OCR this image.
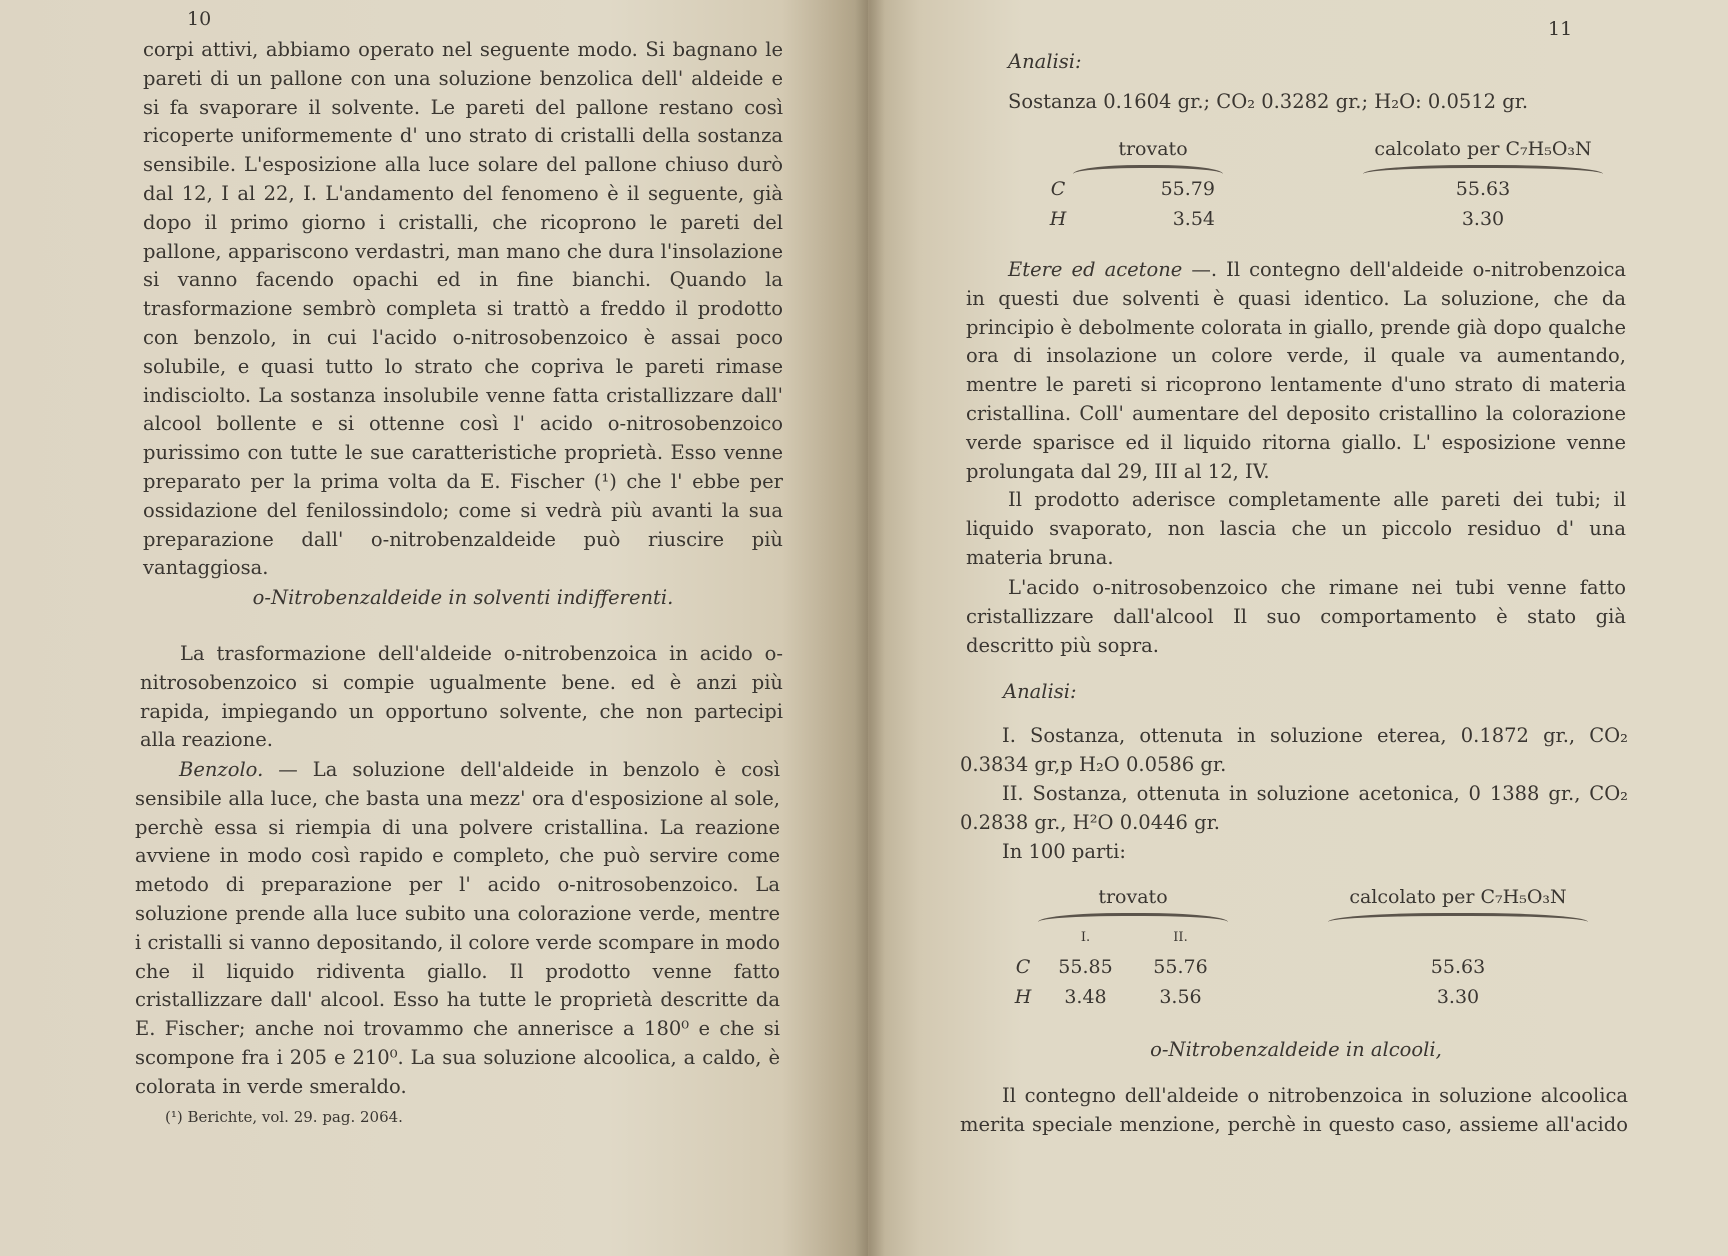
10

corpi attivi, abbiamo operato nel seguente modo. Si bagnano le pareti di un pallone con una soluzione benzolica dell' aldeide e si fa svaporare il solvente. Le pareti del pallone restano così ricoperte uniformemente d' uno strato di cristalli della sostanza sensibile. L'esposizione alla luce solare del pallone chiuso durò dal 12, I al 22, I. L'andamento del fenomeno è il seguente, già dopo il primo giorno i cristalli, che ricoprono le pareti del pallone, appariscono verdastri, man mano che dura l'insolazione si vanno facendo opachi ed in fine bianchi. Quando la trasformazione sembrò completa si trattò a freddo il prodotto con benzolo, in cui l'acido o-nitrosobenzoico è assai poco solubile, e quasi tutto lo strato che copriva le pareti rimase indisciolto. La sostanza insolubile venne fatta cristallizzare dall' alcool bollente e si ottenne così l' acido o-nitrosobenzoico purissimo con tutte le sue caratteristiche proprietà. Esso venne preparato per la prima volta da E. Fischer (¹) che l' ebbe per ossidazione del fenilossindolo; come si vedrà più avanti la sua preparazione dall' o-nitrobenzaldeide può riuscire più vantaggiosa.

o-Nitrobenzaldeide in solventi indifferenti.

La trasformazione dell'aldeide o-nitrobenzoica in acido o-nitrosobenzoico si compie ugualmente bene. ed è anzi più rapida, impiegando un opportuno solvente, che non partecipi alla reazione.

Benzolo. — La soluzione dell'aldeide in benzolo è così sensibile alla luce, che basta una mezz' ora d'esposizione al sole, perchè essa si riempia di una polvere cristallina. La reazione avviene in modo così rapido e completo, che può servire come metodo di preparazione per l' acido o-nitrosobenzoico. La soluzione prende alla luce subito una colorazione verde, mentre i cristalli si vanno depositando, il colore verde scompare in modo che il liquido ridiventa giallo. Il prodotto venne fatto cristallizzare dall' alcool. Esso ha tutte le proprietà descritte da E. Fischer; anche noi trovammo che annerisce a 180⁰ e che si scompone fra i 205 e 210⁰. La sua soluzione alcoolica, a caldo, è colorata in verde smeraldo.

(¹) Berichte, vol. 29. pag. 2064.
11
Analisi:
Sostanza 0.1604 gr.; CO₂ 0.3282 gr.; H₂O: 0.0512 gr.
	trovato		calcolato per C₇H₅O₃N

C	55.79		55.63
H	3.54		3.30

Etere ed acetone —. Il contegno dell'aldeide o-nitrobenzoica in questi due solventi è quasi identico. La soluzione, che da principio è debolmente colorata in giallo, prende già dopo qualche ora di insolazione un colore verde, il quale va aumentando, mentre le pareti si ricoprono lentamente d'uno strato di materia cristallina. Coll' aumentare del deposito cristallino la colorazione verde sparisce ed il liquido ritorna giallo. L' esposizione venne prolungata dal 29, III al 12, IV.

Il prodotto aderisce completamente alle pareti dei tubi; il liquido svaporato, non lascia che un piccolo residuo d' una materia bruna.

L'acido o-nitrosobenzoico che rimane nei tubi venne fatto cristallizzare dall'alcool Il suo comportamento è stato già descritto più sopra.

Analisi:

I. Sostanza, ottenuta in soluzione eterea, 0.1872 gr., CO₂ 0.3834 gr,p H₂O 0.0586 gr.

II. Sostanza, ottenuta in soluzione acetonica, 0 1388 gr., CO₂ 0.2838 gr., H²O 0.0446 gr.

In 100 parti:
	trovato			calcolato per C₇H₅O₃N

	I.	II.		
C	55.85	55.76		55.63
H	3.48	3.56		3.30
o-Nitrobenzaldeide in alcooli,

Il contegno dell'aldeide o nitrobenzoica in soluzione alcoolica merita speciale menzione, perchè in questo caso, assieme all'acido
